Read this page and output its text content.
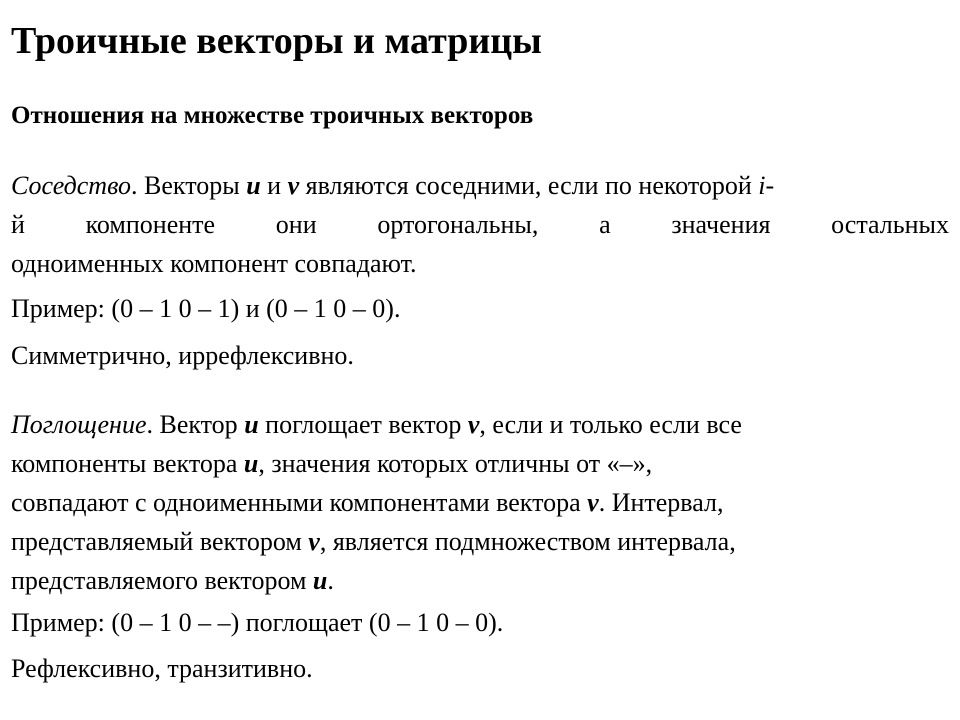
Троичные векторы и матрицы
Отношения на множестве троичных векторов
Соседство. Векторы u и v являются соседними, если по некоторой i-
й компоненте они ортогональны, а значения остальных
одноименных компонент совпадают.

Пример: (0 – 1 0 – 1) и (0 – 1 0 – 0).

Симметрично, иррефлексивно.

Поглощение. Вектор u поглощает вектор v, если и только если все
компоненты вектора u, значения которых отличны от «–»,
совпадают с одноименными компонентами вектора v. Интервал,
представляемый вектором v, является подмножеством интервала,
представляемого вектором u.

Пример: (0 – 1 0 – –) поглощает (0 – 1 0 – 0).

Рефлексивно, транзитивно.
